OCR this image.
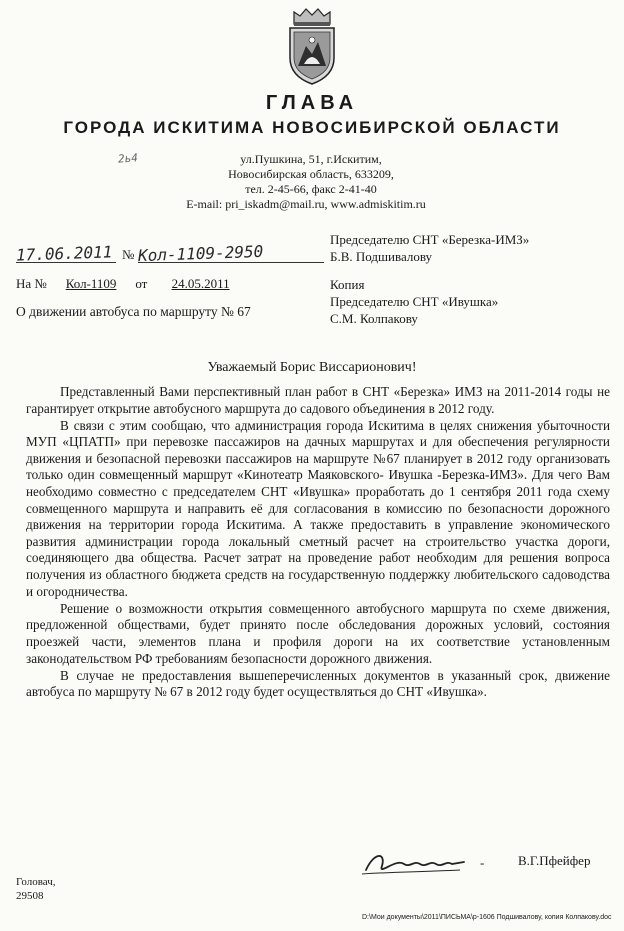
ГЛАВА
ГОРОДА ИСКИТИМА НОВОСИБИРСКОЙ ОБЛАСТИ
2ь4	ул.Пушкина, 51, г.Искитим,
Новосибирская область, 633209,
тел. 2-45-66, факс 2-41-40
E-mail: pri_iskadm@mail.ru, www.admiskitim.ru
17.06.2011 № Кол-1109-2950
На № Кол-1109 от 24.05.2011
О движении автобуса по маршруту № 67
Председателю СНТ «Березка-ИМЗ»
Б.В. Подшивалову
Копия
Председателю СНТ «Ивушка»
С.М. Колпакову
Уважаемый Борис Виссарионович!

Представленный Вами перспективный план работ в СНТ «Березка» ИМЗ на 2011-2014 годы не гарантирует открытие автобусного маршрута до садового объединения в 2012 году.

В связи с этим сообщаю, что администрация города Искитима в целях снижения убыточности МУП «ЦПАТП» при перевозке пассажиров на дачных маршрутах и для обеспечения регулярности движения и безопасной перевозки пассажиров на маршруте №67 планирует в 2012 году организовать только один совмещенный маршрут «Кинотеатр Маяковского- Ивушка -Березка-ИМЗ». Для чего Вам необходимо совместно с председателем СНТ «Ивушка» проработать до 1 сентября 2011 года схему совмещенного маршрута и направить её для согласования в комиссию по безопасности дорожного движения на территории города Искитима. А также предоставить в управление экономического развития администрации города локальный сметный расчет на строительство участка дороги, соединяющего два общества. Расчет затрат на проведение работ необходим для решения вопроса получения из областного бюджета средств на государственную поддержку любительского садоводства и огородничества.

Решение о возможности открытия совмещенного автобусного маршрута по схеме движения, предложенной обществами, будет принято после обследования дорожных условий, состояния проезжей части, элементов плана и профиля дороги на их соответствие установленным законодательством РФ требованиям безопасности дорожного движения.

В случае не предоставления вышеперечисленных документов в указанный срок, движение автобуса по маршруту № 67 в 2012 году будет осуществляться до СНТ «Ивушка».

-	В.Г.Пфейфер
Головач,
29508
D:\Мои документы\2011\ПИСЬМА\р-1606 Подшивалову, копия Колпакову.doc
